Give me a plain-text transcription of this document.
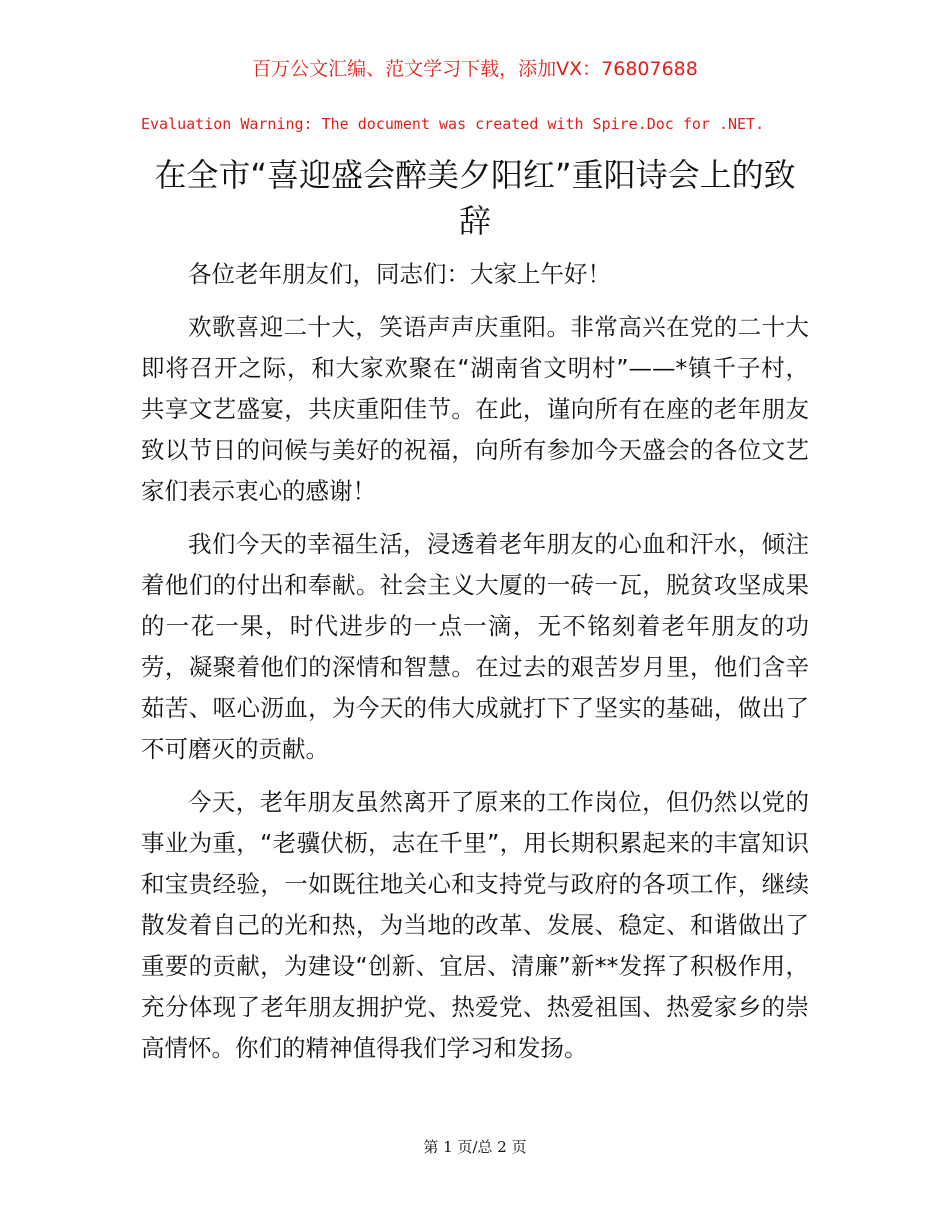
百万公文汇编、范文学习下载，添加VX：76807688
Evaluation Warning: The document was created with Spire.Doc for .NET.
在全市“喜迎盛会醉美夕阳红”重阳诗会上的致辞

各位老年朋友们，同志们：大家上午好！

欢歌喜迎二十大，笑语声声庆重阳。非常高兴在党的二十大即将召开之际，和大家欢聚在“湖南省文明村”——*镇千子村，共享文艺盛宴，共庆重阳佳节。在此，谨向所有在座的老年朋友致以节日的问候与美好的祝福，向所有参加今天盛会的各位文艺家们表示衷心的感谢！

我们今天的幸福生活，浸透着老年朋友的心血和汗水，倾注着他们的付出和奉献。社会主义大厦的一砖一瓦，脱贫攻坚成果的一花一果，时代进步的一点一滴，无不铭刻着老年朋友的功劳，凝聚着他们的深情和智慧。在过去的艰苦岁月里，他们含辛茹苦、呕心沥血，为今天的伟大成就打下了坚实的基础，做出了不可磨灭的贡献。

今天，老年朋友虽然离开了原来的工作岗位，但仍然以党的事业为重，“老骥伏枥，志在千里”，用长期积累起来的丰富知识和宝贵经验，一如既往地关心和支持党与政府的各项工作，继续散发着自己的光和热，为当地的改革、发展、稳定、和谐做出了重要的贡献，为建设“创新、宜居、清廉”新**发挥了积极作用，充分体现了老年朋友拥护党、热爱党、热爱祖国、热爱家乡的崇高情怀。你们的精神值得我们学习和发扬。

第 1 页/总 2 页
